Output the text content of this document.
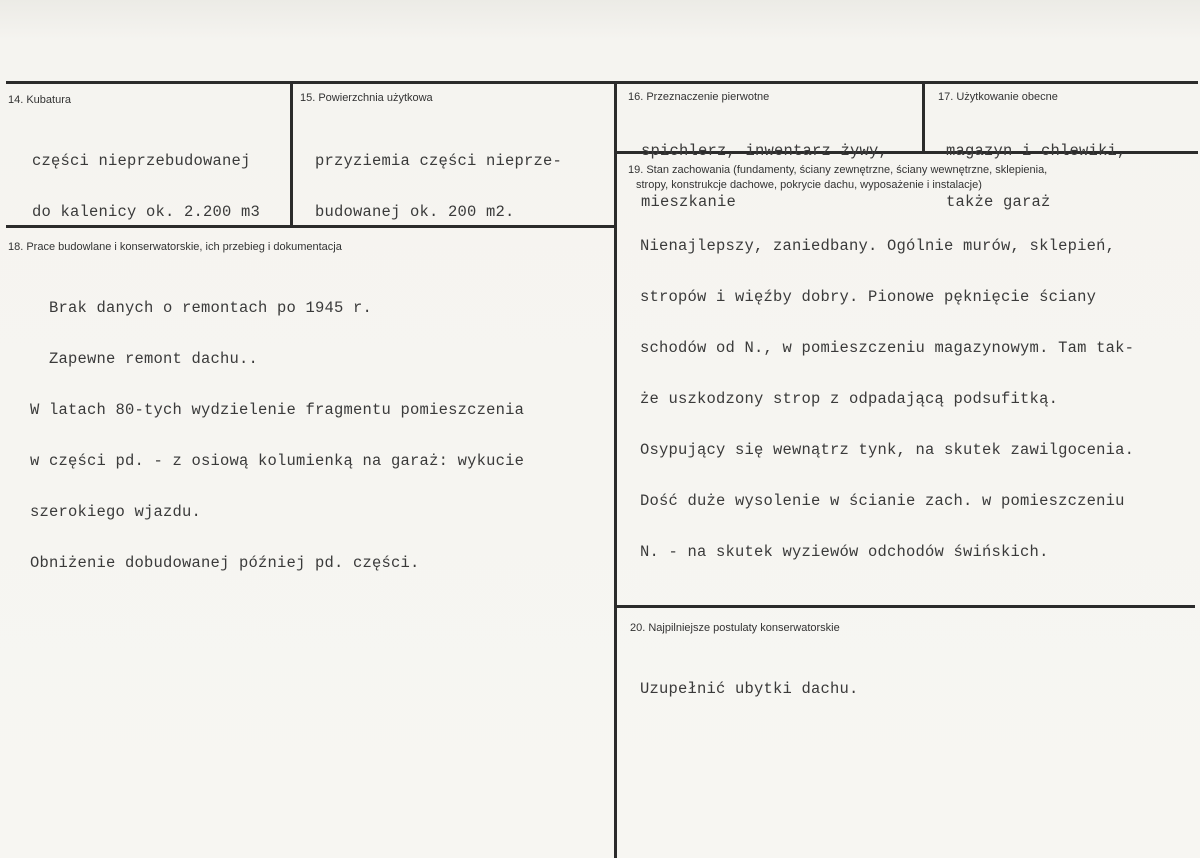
14. Kubatura

części nieprzebudowanej

do kalenicy ok. 2.200 m3

15. Powierzchnia użytkowa

przyziemia części nieprze-

budowanej ok. 200 m2.

16. Przeznaczenie pierwotne

spichlerz, inwentarz żywy,

mieszkanie

17. Użytkowanie obecne

magazyn i chlewiki,

także garaż

18. Prace budowlane i konserwatorskie, ich przebieg i dokumentacja

Brak danych o remontach po 1945 r.

Zapewne remont dachu..

W latach 80-tych wydzielenie fragmentu pomieszczenia

w części pd. - z osiową kolumienką na garaż: wykucie

szerokiego wjazdu.

Obniżenie dobudowanej później pd. części.

19. Stan zachowania (fundamenty, ściany zewnętrzne, ściany wewnętrzne, sklepienia,
stropy, konstrukcje dachowe, pokrycie dachu, wyposażenie i instalacje)

Nienajlepszy, zaniedbany. Ogólnie murów, sklepień,

stropów i więźby dobry. Pionowe pęknięcie ściany

schodów od N., w pomieszczeniu magazynowym. Tam tak-

że uszkodzony strop z odpadającą podsufitką.

Osypujący się wewnątrz tynk, na skutek zawilgocenia.

Dość duże wysolenie w ścianie zach. w pomieszczeniu

N. - na skutek wyziewów odchodów świńskich.

20. Najpilniejsze postulaty konserwatorskie

Uzupełnić ubytki dachu.
